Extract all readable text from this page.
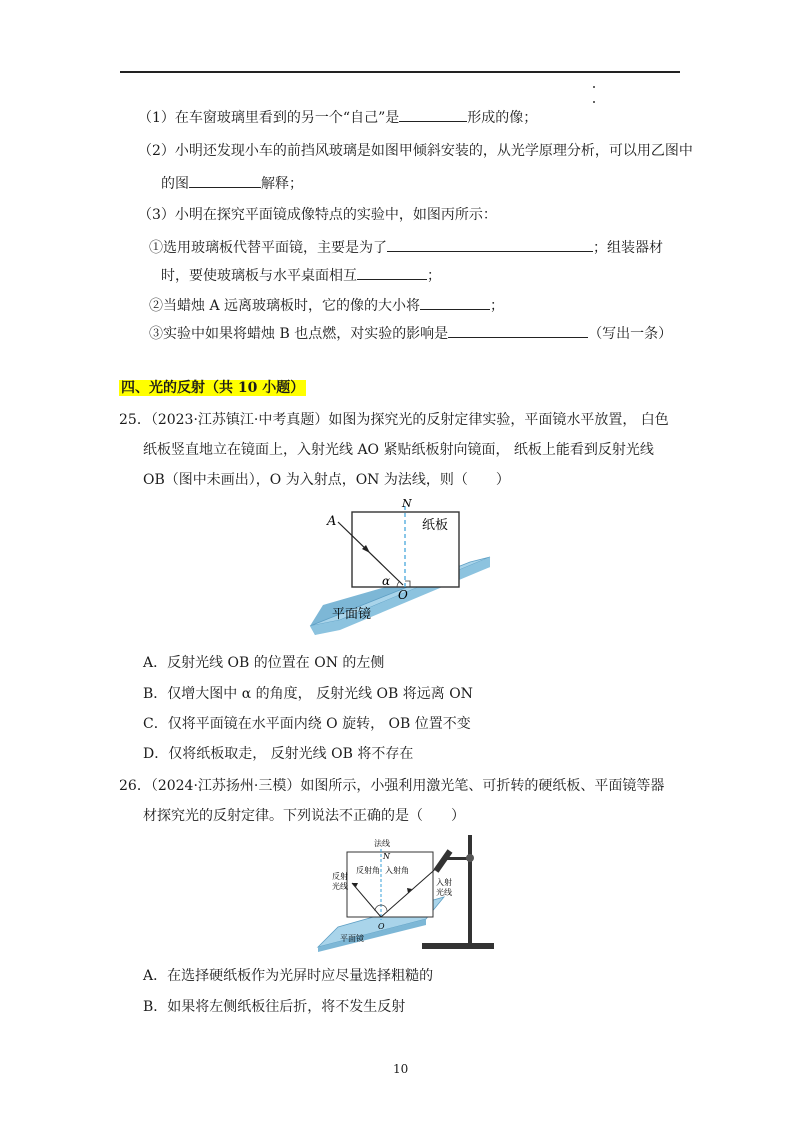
（1）在车窗玻璃里看到的另一个“自己”是	形成的像；
（2）小明还发现小车的前挡风玻璃是如图甲倾斜安装的，从光学原理分析，可以用乙图中
的图	解释；
（3）小明在探究平面镜成像特点的实验中，如图丙所示：
①选用玻璃板代替平面镜，主要是为了	；组装器材
时，要使玻璃板与水平桌面相互	；
②当蜡烛 A 远离玻璃板时，它的像的大小将	；
③实验中如果将蜡烛 B 也点燃，对实验的影响是	（写出一条）
四、光的反射（共 10 小题）
25．（2023·江苏镇江·中考真题）如图为探究光的反射定律实验，平面镜水平放置， 白色
纸板竖直地立在镜面上，入射光线 AO 紧贴纸板射向镜面， 纸板上能看到反射光线
OB（图中未画出），O 为入射点，ON 为法线，则（　　）
A
N
O
α
纸板
平面镜
A．反射光线 OB 的位置在 ON 的左侧
B．仅增大图中 α 的角度， 反射光线 OB 将远离 ON
C．仅将平面镜在水平面内绕 O 旋转， OB 位置不变
D．仅将纸板取走， 反射光线 OB 将不存在
26．（2024·江苏扬州·三模）如图所示，小强利用激光笔、可折转的硬纸板、平面镜等器
材探究光的反射定律。下列说法不正确的是（　　）
法线
N
O
反射
光线	入射
光线
反射角 入射角
平面镜
A．在选择硬纸板作为光屏时应尽量选择粗糙的
B．如果将左侧纸板往后折，将不发生反射
10
